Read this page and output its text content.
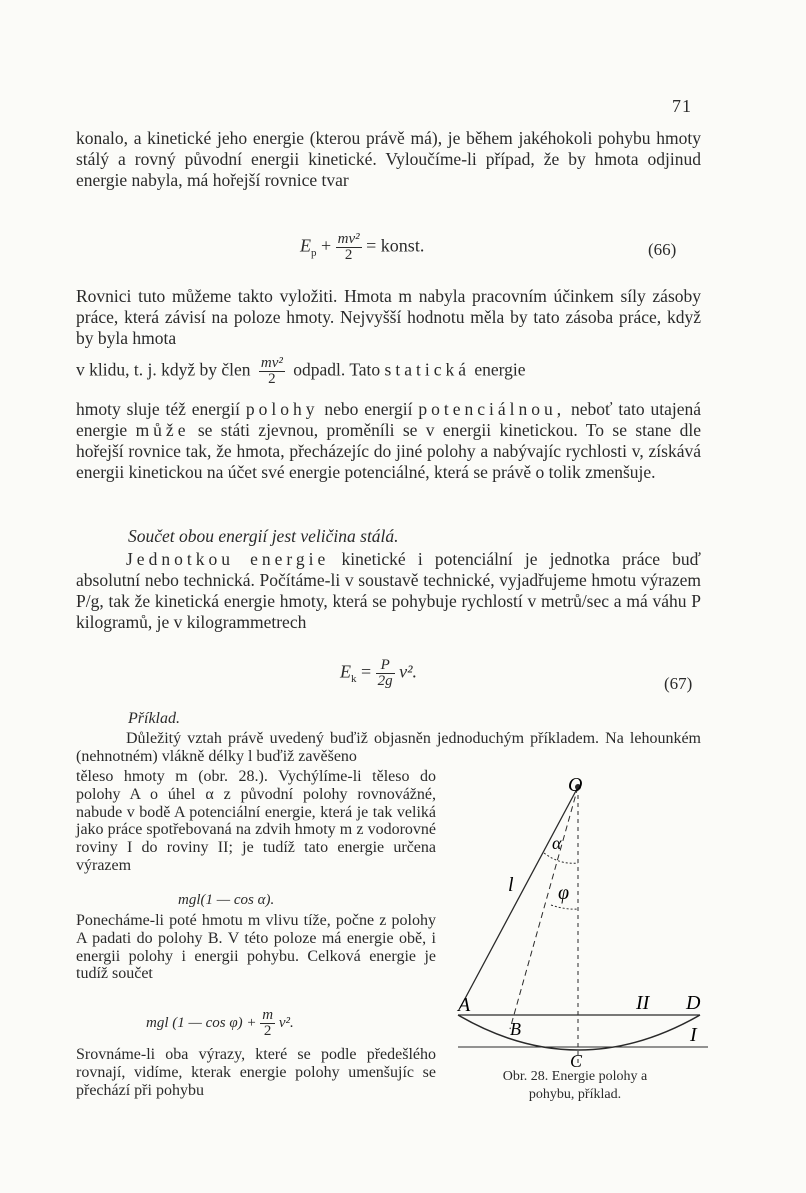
71
konalo, a kinetické jeho energie (kterou právě má), je během jakéhokoli pohybu hmoty stálý a rovný původní energii kinetické. Vyloučíme-li případ, že by hmota odjinud energie nabyla, má hořejší rovnice tvar
$E_p + \frac{\text{mv²}}{2}$ = konst.	(66)
Rovnici tuto můžeme takto vyložiti. Hmota m nabyla pracovním účinkem síly zásoby práce, která závisí na poloze hmoty. Nejvyšší hodnotu měla by tato zásoba práce, když by byla hmota
v klidu, t. j. když by člen $\frac{\text{mv²}}{2}$ odpadl. Tato statická energie
hmoty slujе též energií polohy nebo energií potenciálnou, neboť tato utajená energie může se státi zjevnou, proměníli se v energii kinetickou. To se stane dle hořejší rovnice tak, že hmota, přecházejíc do jiné polohy a nabývajíc rychlosti v, získává energii kinetickou na účet své energie potenciálné, která se právě o tolik zmenšuje.
Součet obou energií jest veličina stálá.
Jednotkou energie kinetické i potenciální je jednotka práce buď absolutní nebo technická. Počítáme-li v soustavě technické, vyjadřujeme hmotu výrazem P/g, tak že kinetická energie hmoty, která se pohybuje rychlostí v metrů/sec a má váhu P kilogramů, je v kilogrammetrech
$E_k = \frac{P}{2g} v^2$.
(67)
Příklad.
Důležitý vztah právě uvedený buďiž objasněn jednoduchým příkladem. Na lehounkém (nehnotném) vlákně délky l buďiž zavěšeno
těleso hmoty m (obr. 28.). Vychýlíme-li těleso do polohy A o úhel α z původní polohy rovnovážné, nabude v bodě A potenciální energie, která je tak veliká jako práce spotřebovaná na zdvih hmoty m z vodorovné roviny I do roviny II; je tudíž tato energie určena výrazem
mgl(1 — cos α).
Ponecháme-li poté hmotu m vlivu tíže, počne z polohy A padati do polohy B. V této poloze má energie obě, i energii polohy i energii pohybu. Celková energie je tudíž součet
mgl (1 — $\cos \varphi) + \frac{m}{2} v^2$.
Srovnáme-li oba výrazy, které se podle předešlého rovnají, vidíme, kterak energie polohy umenšujíc se přechází při pohybu
O
α
φ
l
A
B
C
II D
I
Obr. 28. Energie polohy a
pohybu, příklad.
